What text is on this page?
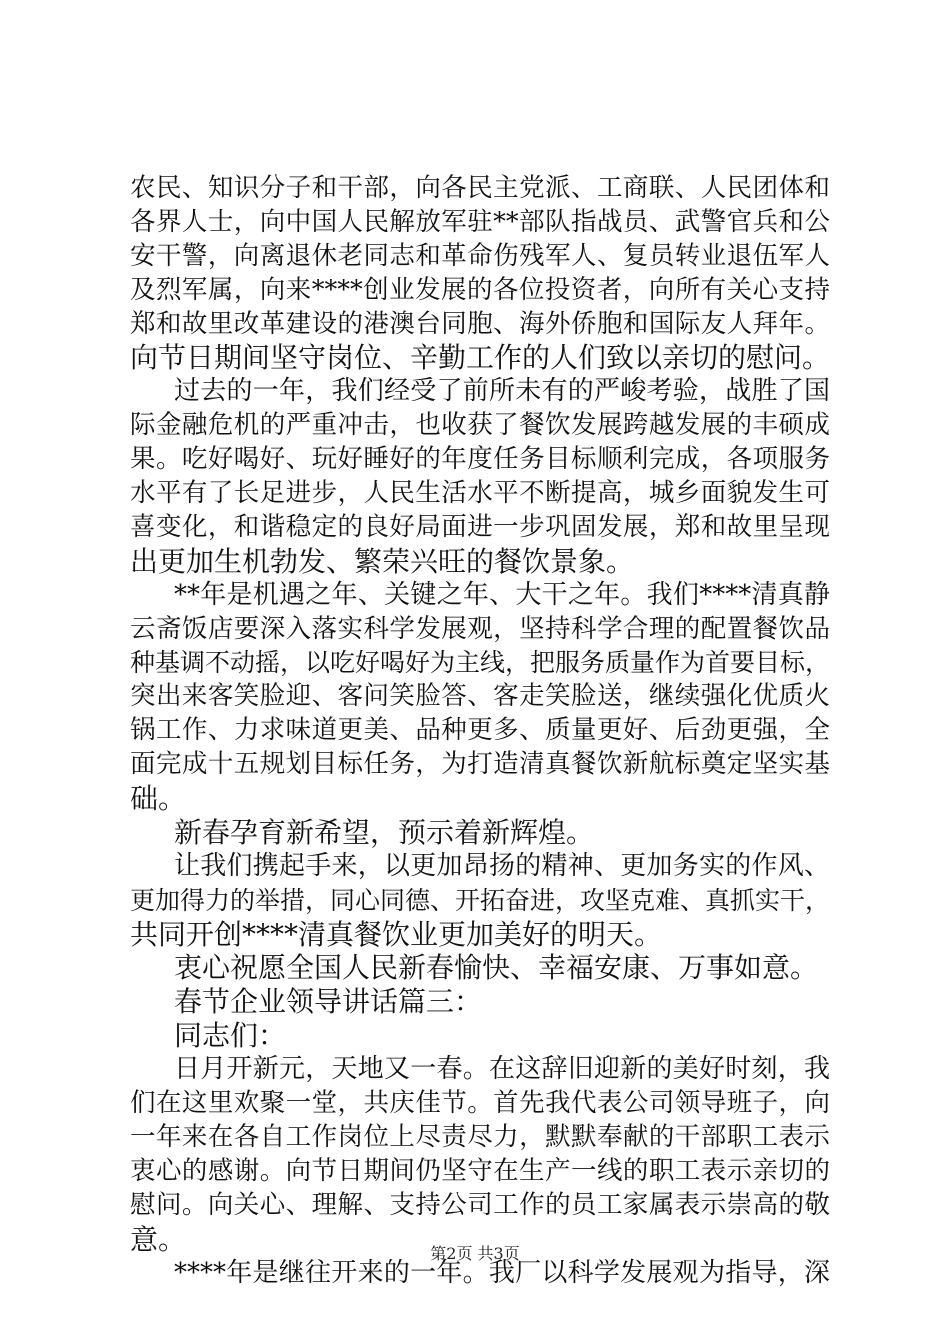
农民、知识分子和干部，向各民主党派、工商联、人民团体和
各界人士，向中国人民解放军驻**部队指战员、武警官兵和公
安干警，向离退休老同志和革命伤残军人、复员转业退伍军人
及烈军属，向来****创业发展的各位投资者，向所有关心支持
郑和故里改革建设的港澳台同胞、海外侨胞和国际友人拜年。
向节日期间坚守岗位、辛勤工作的人们致以亲切的慰问。
过去的一年，我们经受了前所未有的严峻考验，战胜了国
际金融危机的严重冲击，也收获了餐饮发展跨越发展的丰硕成
果。吃好喝好、玩好睡好的年度任务目标顺利完成，各项服务
水平有了长足进步，人民生活水平不断提高，城乡面貌发生可
喜变化，和谐稳定的良好局面进一步巩固发展，郑和故里呈现
出更加生机勃发、繁荣兴旺的餐饮景象。
**年是机遇之年、关键之年、大干之年。我们****清真静
云斋饭店要深入落实科学发展观，坚持科学合理的配置餐饮品
种基调不动摇，以吃好喝好为主线，把服务质量作为首要目标，
突出来客笑脸迎、客问笑脸答、客走笑脸送，继续强化优质火
锅工作、力求味道更美、品种更多、质量更好、后劲更强，全
面完成十五规划目标任务，为打造清真餐饮新航标奠定坚实基
础。
新春孕育新希望，预示着新辉煌。
让我们携起手来，以更加昂扬的精神、更加务实的作风、
更加得力的举措，同心同德、开拓奋进，攻坚克难、真抓实干，
共同开创****清真餐饮业更加美好的明天。
衷心祝愿全国人民新春愉快、幸福安康、万事如意。
春节企业领导讲话篇三：
同志们：
日月开新元，天地又一春。在这辞旧迎新的美好时刻，我
们在这里欢聚一堂，共庆佳节。首先我代表公司领导班子，向
一年来在各自工作岗位上尽责尽力，默默奉献的干部职工表示
衷心的感谢。向节日期间仍坚守在生产一线的职工表示亲切的
慰问。向关心、理解、支持公司工作的员工家属表示崇高的敬
意。
****年是继往开来的一年。我厂以科学发展观为指导，深
第2页 共3页
